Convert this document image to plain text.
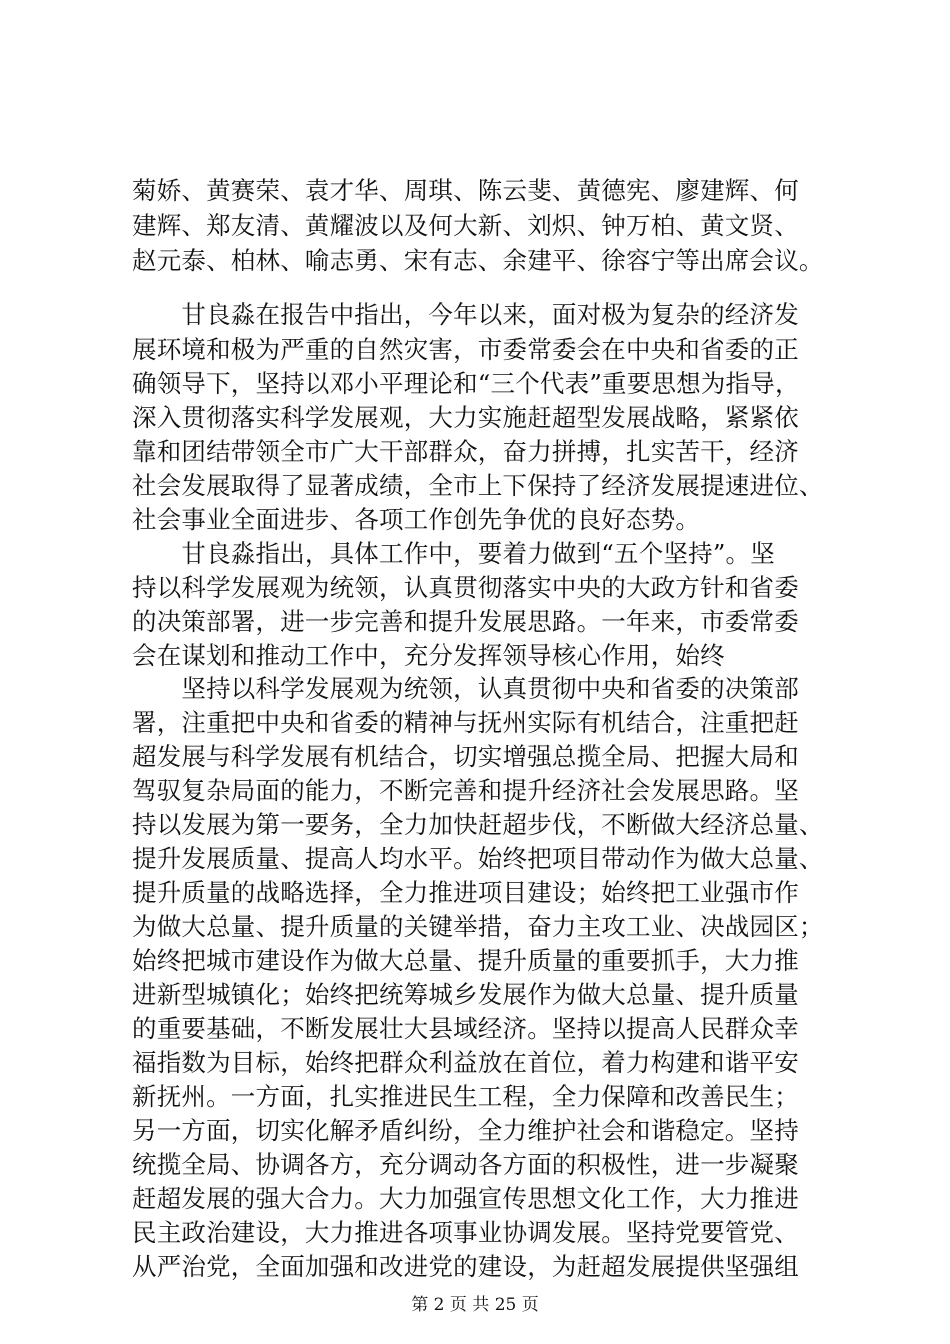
菊娇、黄赛荣、袁才华、周琪、陈云斐、黄德宪、廖建辉、何
建辉、郑友清、黄耀波以及何大新、刘炽、钟万柏、黄文贤、
赵元泰、柏林、喻志勇、宋有志、余建平、徐容宁等出席会议。
　　甘良淼在报告中指出，今年以来，面对极为复杂的经济发
展环境和极为严重的自然灾害，市委常委会在中央和省委的正
确领导下，坚持以邓小平理论和“三个代表”重要思想为指导，
深入贯彻落实科学发展观，大力实施赶超型发展战略，紧紧依
靠和团结带领全市广大干部群众，奋力拼搏，扎实苦干，经济
社会发展取得了显著成绩，全市上下保持了经济发展提速进位、
社会事业全面进步、各项工作创先争优的良好态势。
　　甘良淼指出，具体工作中，要着力做到“五个坚持”。坚
持以科学发展观为统领，认真贯彻落实中央的大政方针和省委
的决策部署，进一步完善和提升发展思路。一年来，市委常委
会在谋划和推动工作中，充分发挥领导核心作用，始终
　　坚持以科学发展观为统领，认真贯彻中央和省委的决策部
署，注重把中央和省委的精神与抚州实际有机结合，注重把赶
超发展与科学发展有机结合，切实增强总揽全局、把握大局和
驾驭复杂局面的能力，不断完善和提升经济社会发展思路。坚
持以发展为第一要务，全力加快赶超步伐，不断做大经济总量、
提升发展质量、提高人均水平。始终把项目带动作为做大总量、
提升质量的战略选择，全力推进项目建设；始终把工业强市作
为做大总量、提升质量的关键举措，奋力主攻工业、决战园区；
始终把城市建设作为做大总量、提升质量的重要抓手，大力推
进新型城镇化；始终把统筹城乡发展作为做大总量、提升质量
的重要基础，不断发展壮大县域经济。坚持以提高人民群众幸
福指数为目标，始终把群众利益放在首位，着力构建和谐平安
新抚州。一方面，扎实推进民生工程，全力保障和改善民生；
另一方面，切实化解矛盾纠纷，全力维护社会和谐稳定。坚持
统揽全局、协调各方，充分调动各方面的积极性，进一步凝聚
赶超发展的强大合力。大力加强宣传思想文化工作，大力推进
民主政治建设，大力推进各项事业协调发展。坚持党要管党、
从严治党，全面加强和改进党的建设，为赶超发展提供坚强组
第 2 页 共 25 页
